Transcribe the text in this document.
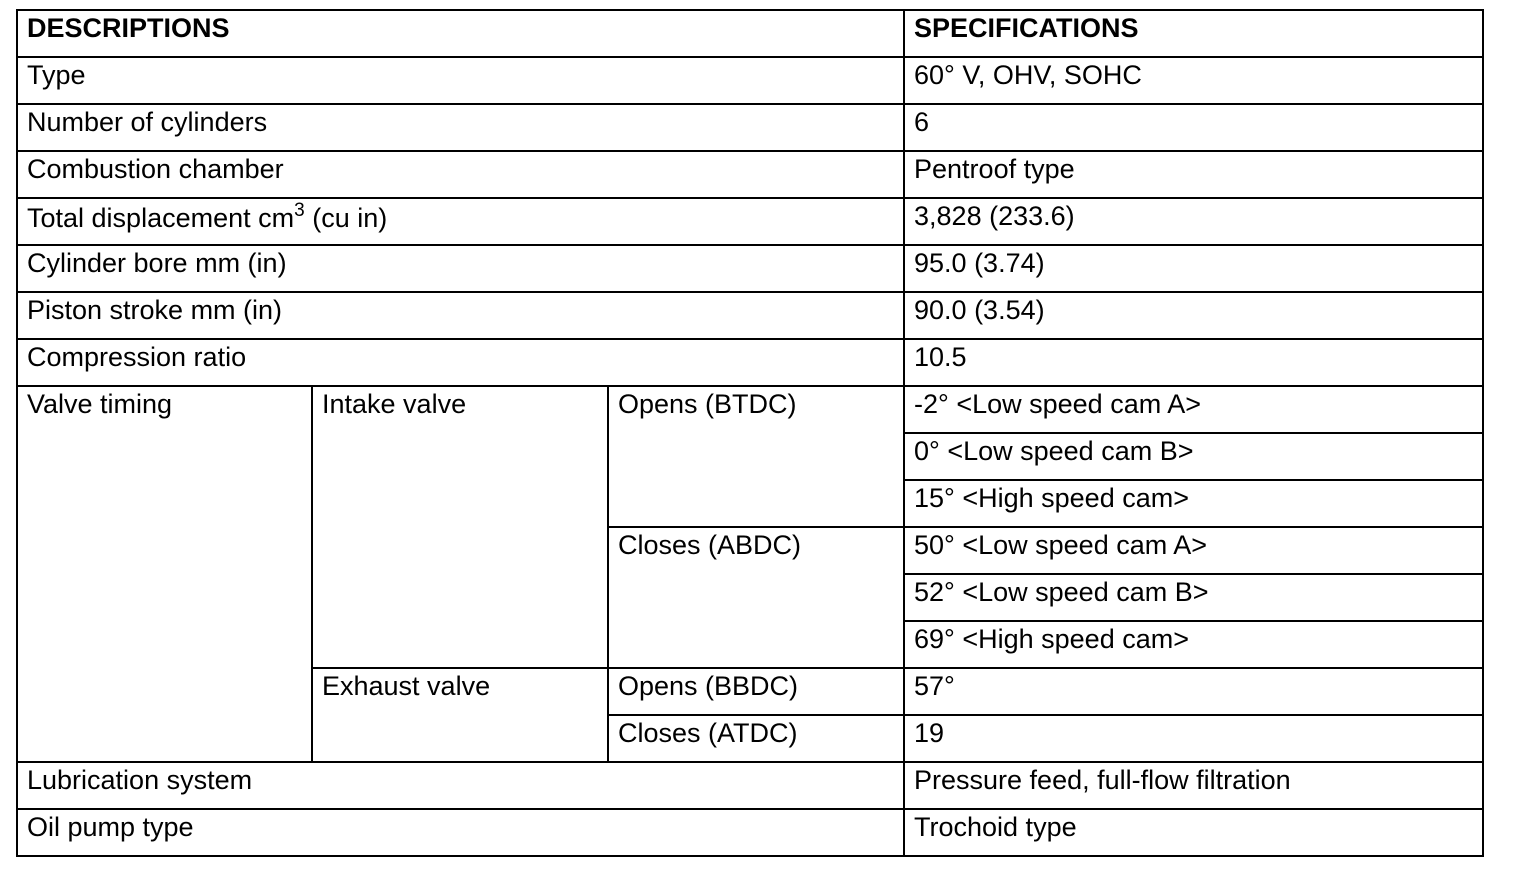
DESCRIPTIONS			SPECIFICATIONS
Type			60° V, OHV, SOHC
Number of cylinders			6
Combustion chamber			Pentroof type
Total displacement $cm^3$ (cu in)			3,828 (233.6)
Cylinder bore mm (in)			95.0 (3.74)
Piston stroke mm (in)			90.0 (3.54)
Compression ratio			10.5
Valve timing	Intake valve	Opens (BTDC)	-2° <Low speed cam A>
			0° <Low speed cam B>
			15° <High speed cam>
		Closes (ABDC)	50° <Low speed cam A>
			52° <Low speed cam B>
			69° <High speed cam>
	Exhaust valve	Opens (BBDC)	57°
		Closes (ATDC)	19
Lubrication system			Pressure feed, full-flow filtration
Oil pump type			Trochoid type
